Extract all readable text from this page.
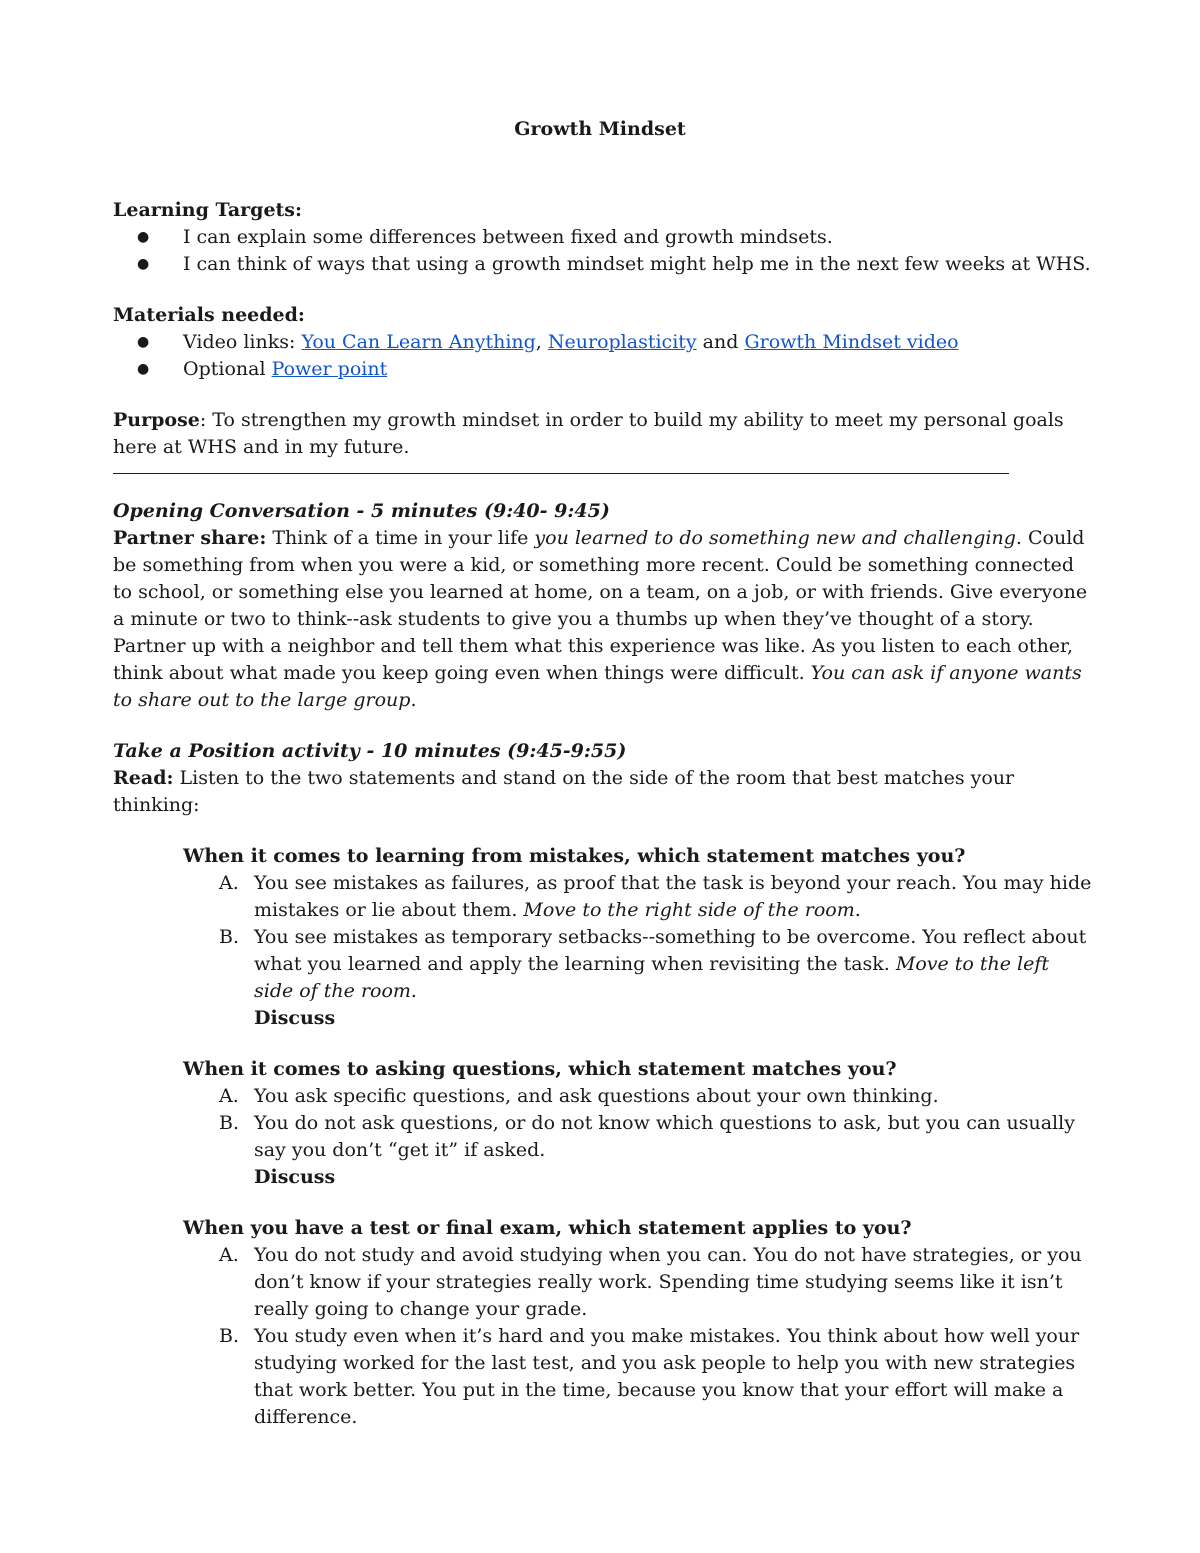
Growth Mindset

Learning Targets:

● I can explain some differences between fixed and growth mindsets.
● I can think of ways that using a growth mindset might help me in the next few weeks at WHS.

Materials needed:

● Video links: You Can Learn Anything, Neuroplasticity and Growth Mindset video
● Optional Power point

Purpose: To strengthen my growth mindset in order to build my ability to meet my personal goals here at WHS and in my future.

Opening Conversation - 5 minutes (9:40- 9:45)

Partner share: Think of a time in your life you learned to do something new and challenging. Could be something from when you were a kid, or something more recent. Could be something connected to school, or something else you learned at home, on a team, on a job, or with friends. Give everyone a minute or two to think--ask students to give you a thumbs up when they’ve thought of a story. Partner up with a neighbor and tell them what this experience was like. As you listen to each other, think about what made you keep going even when things were difficult. You can ask if anyone wants to share out to the large group.

Take a Position activity - 10 minutes (9:45-9:55)

Read: Listen to the two statements and stand on the side of the room that best matches your thinking:

When it comes to learning from mistakes, which statement matches you?

A. You see mistakes as failures, as proof that the task is beyond your reach. You may hide mistakes or lie about them. Move to the right side of the room.
B. You see mistakes as temporary setbacks--something to be overcome. You reflect about what you learned and apply the learning when revisiting the task. Move to the left side of the room.

Discuss

When it comes to asking questions, which statement matches you?

A. You ask specific questions, and ask questions about your own thinking.
B. You do not ask questions, or do not know which questions to ask, but you can usually say you don’t “get it” if asked.

Discuss

When you have a test or final exam, which statement applies to you?

A. You do not study and avoid studying when you can. You do not have strategies, or you don’t know if your strategies really work. Spending time studying seems like it isn’t really going to change your grade.
B. You study even when it’s hard and you make mistakes. You think about how well your studying worked for the last test, and you ask people to help you with new strategies that work better. You put in the time, because you know that your effort will make a difference.
